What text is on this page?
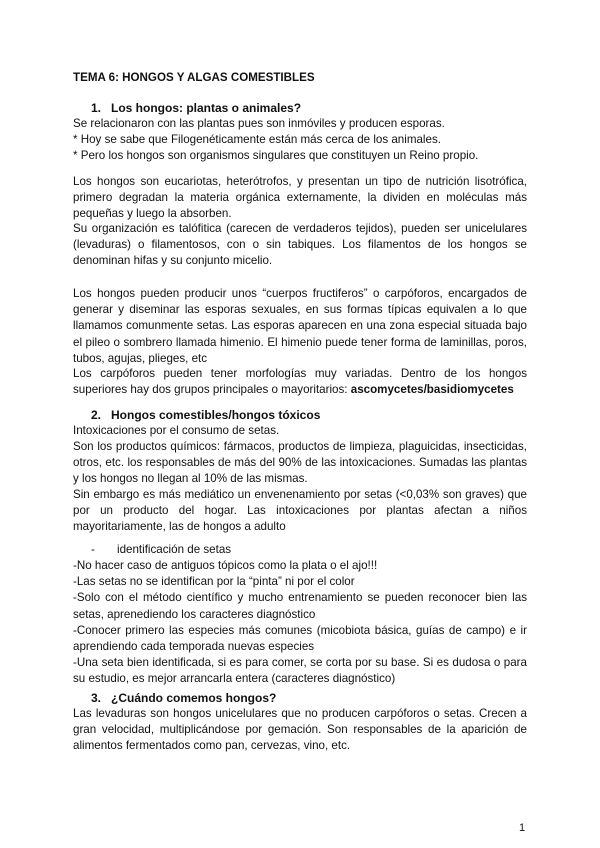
TEMA 6: HONGOS Y ALGAS COMESTIBLES
1. Los hongos: plantas o animales?
Se relacionaron con las plantas pues son inmóviles y producen esporas.
* Hoy se sabe que Filogenéticamente están más cerca de los animales.
* Pero los hongos son organismos singulares que constituyen un Reino propio.

Los hongos son eucariotas, heterótrofos, y presentan un tipo de nutrición lisotrófica, primero degradan la materia orgánica externamente, la dividen en moléculas más pequeñas y luego la absorben.

Su organización es talófitica (carecen de verdaderos tejidos), pueden ser unicelulares (levaduras) o filamentosos, con o sin tabiques. Los filamentos de los hongos se denominan hifas y su conjunto micelio.

Los hongos pueden producir unos “cuerpos fructiferos” o carpóforos, encargados de generar y diseminar las esporas sexuales, en sus formas típicas equivalen a lo que llamamos comunmente setas. Las esporas aparecen en una zona especial situada bajo el pileo o sombrero llamada himenio. El himenio puede tener forma de laminillas, poros, tubos, agujas, plieges, etc

Los carpóforos pueden tener morfologías muy variadas. Dentro de los hongos superiores hay dos grupos principales o mayoritarios: ascomycetes/basidiomycetes

2. Hongos comestibles/hongos tóxicos
Intoxicaciones por el consumo de setas.

Son los productos químicos: fármacos, productos de limpieza, plaguicidas, insecticidas, otros, etc. los responsables de más del 90% de las intoxicaciones. Sumadas las plantas y los hongos no llegan al 10% de las mismas.

Sin embargo es más mediático un envenenamiento por setas (<0,03% son graves) que por un producto del hogar. Las intoxicaciones por plantas afectan a niños mayoritariamente, las de hongos a adulto

- identificación de setas
-No hacer caso de antiguos tópicos como la plata o el ajo!!!
-Las setas no se identifican por la “pinta” ni por el color
-Solo con el método científico y mucho entrenamiento se pueden reconocer bien las setas, aprenediendo los caracteres diagnóstico
-Conocer primero las especies más comunes (micobiota básica, guías de campo) e ir aprendiendo cada temporada nuevas especies
-Una seta bien identificada, si es para comer, se corta por su base. Si es dudosa o para su estudio, es mejor arrancarla entera (caracteres diagnóstico)
3. ¿Cuándo comemos hongos?

Las levaduras son hongos unicelulares que no producen carpóforos o setas. Crecen a gran velocidad, multiplicándose por gemación. Son responsables de la aparición de alimentos fermentados como pan, cervezas, vino, etc.

1
